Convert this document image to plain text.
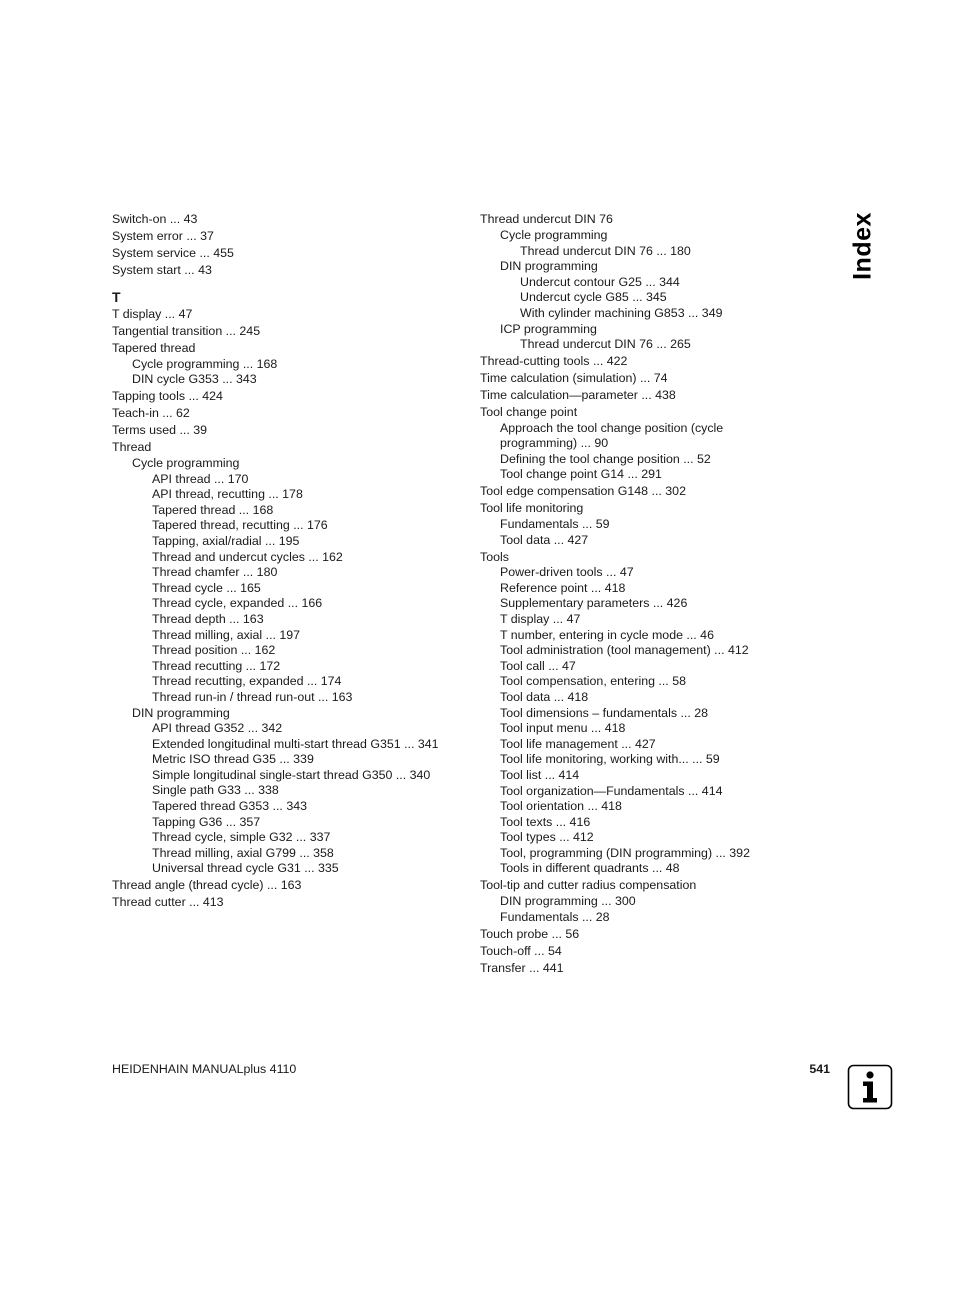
Index
Switch-on ... 43
System error ... 37
System service ... 455
System start ... 43
T
T display ... 47
Tangential transition ... 245
Tapered thread
Cycle programming ... 168
DIN cycle G353 ... 343
Tapping tools ... 424
Teach-in ... 62
Terms used ... 39
Thread
Cycle programming
API thread ... 170
API thread, recutting ... 178
Tapered thread ... 168
Tapered thread, recutting ... 176
Tapping, axial/radial ... 195
Thread and undercut cycles ... 162
Thread chamfer ... 180
Thread cycle ... 165
Thread cycle, expanded ... 166
Thread depth ... 163
Thread milling, axial ... 197
Thread position ... 162
Thread recutting ... 172
Thread recutting, expanded ... 174
Thread run-in / thread run-out ... 163
DIN programming
API thread G352 ... 342
Extended longitudinal multi-start thread G351 ... 341
Metric ISO thread G35 ... 339
Simple longitudinal single-start thread G350 ... 340
Single path G33 ... 338
Tapered thread G353 ... 343
Tapping G36 ... 357
Thread cycle, simple G32 ... 337
Thread milling, axial G799 ... 358
Universal thread cycle G31 ... 335
Thread angle (thread cycle) ... 163
Thread cutter ... 413
Thread undercut DIN 76
Cycle programming
Thread undercut DIN 76 ... 180
DIN programming
Undercut contour G25 ... 344
Undercut cycle G85 ... 345
With cylinder machining G853 ... 349
ICP programming
Thread undercut DIN 76 ... 265
Thread-cutting tools ... 422
Time calculation (simulation) ... 74
Time calculation—parameter ... 438
Tool change point
Approach the tool change position (cycle
programming) ... 90
Defining the tool change position ... 52
Tool change point G14 ... 291
Tool edge compensation G148 ... 302
Tool life monitoring
Fundamentals ... 59
Tool data ... 427
Tools
Power-driven tools ... 47
Reference point ... 418
Supplementary parameters ... 426
T display ... 47
T number, entering in cycle mode ... 46
Tool administration (tool management) ... 412
Tool call ... 47
Tool compensation, entering ... 58
Tool data ... 418
Tool dimensions – fundamentals ... 28
Tool input menu ... 418
Tool life management ... 427
Tool life monitoring, working with... ... 59
Tool list ... 414
Tool organization—Fundamentals ... 414
Tool orientation ... 418
Tool texts ... 416
Tool types ... 412
Tool, programming (DIN programming) ... 392
Tools in different quadrants ... 48
Tool-tip and cutter radius compensation
DIN programming ... 300
Fundamentals ... 28
Touch probe ... 56
Touch-off ... 54
Transfer ... 441
HEIDENHAIN MANUALplus 4110	541
